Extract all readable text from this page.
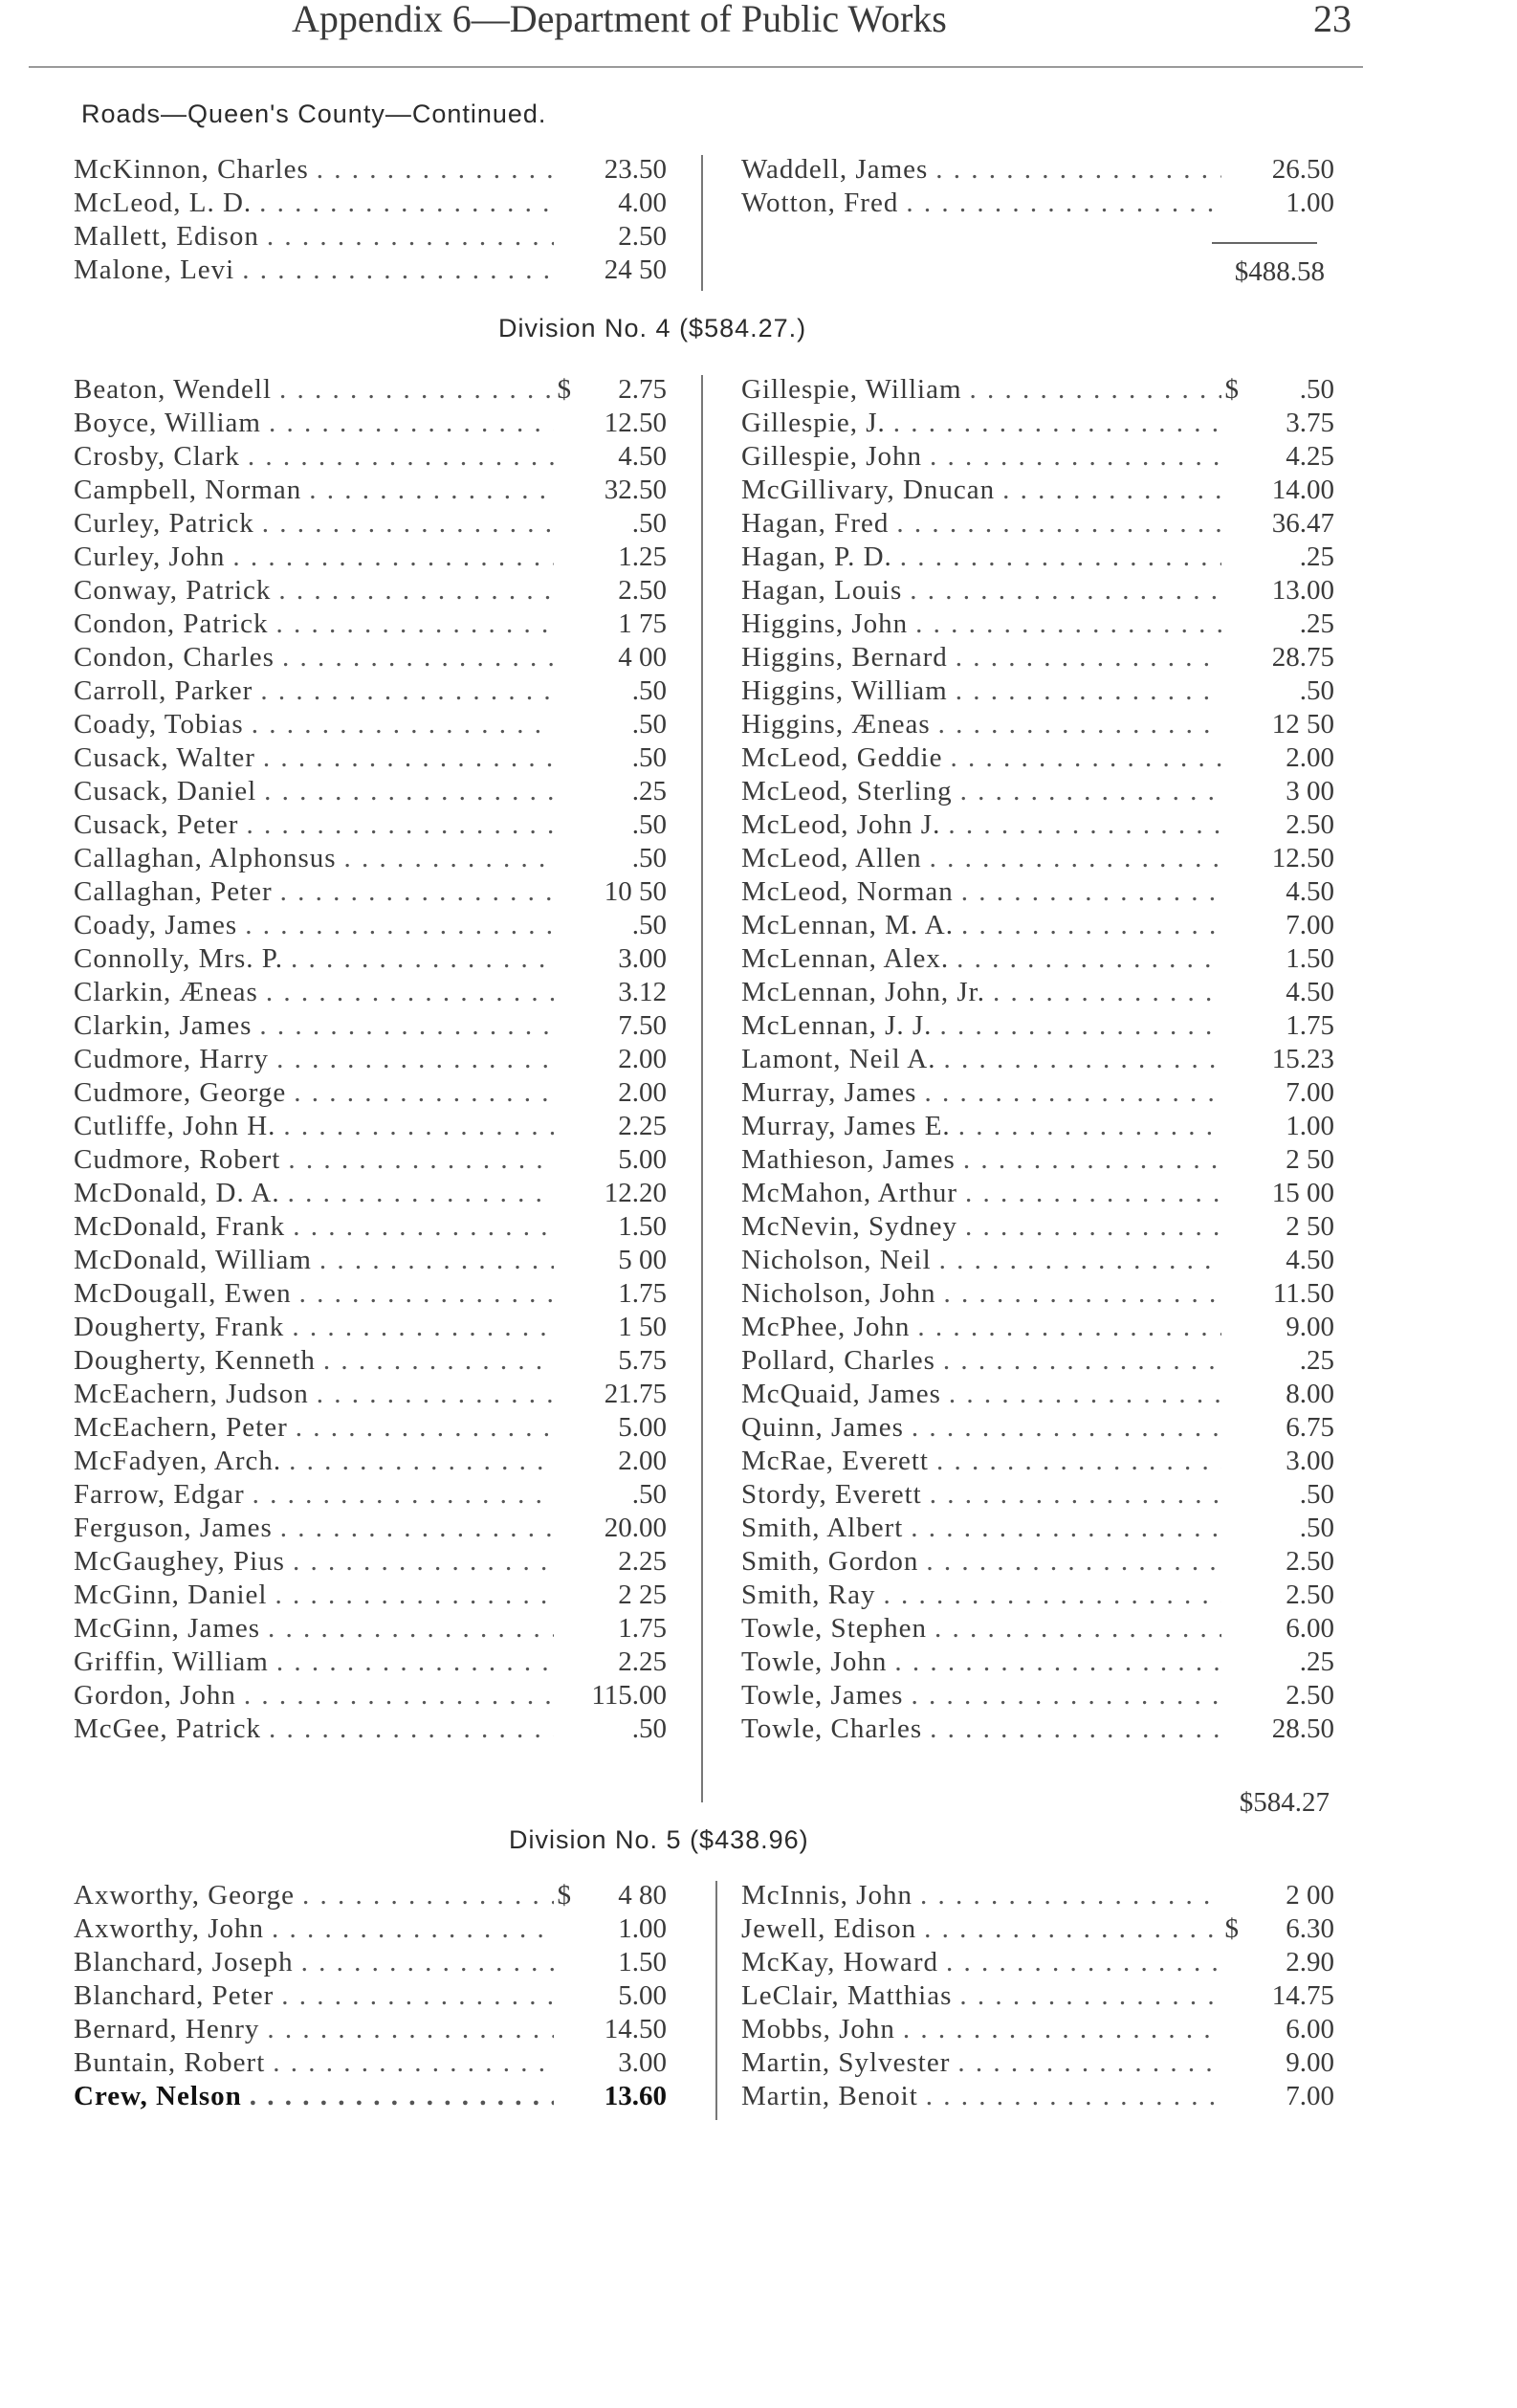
Appendix 6—Department of Public Works	23
Roads—Queen's County—Continued.
McKinnon, Charles . . .	23.50
McLeod, L. D. . . .	4.00
Mallett, Edison . . .	2.50
Malone, Levi . . .	24 50
Waddell, James . . .	26.50
Wotton, Fred . . .	1.00
$488.58
Division No. 4 ($584.27.)
Beaton, Wendell . . .	$	2.75
Boyce, William . . .	12.50
Crosby, Clark . . .	4.50
Campbell, Norman . . .	32.50
Curley, Patrick . . .	.50
Curley, John . . .	1.25
Conway, Patrick . . .	2.50
Condon, Patrick . . .	1 75
Condon, Charles . . .	4 00
Carroll, Parker . . .	.50
Coady, Tobias . . .	.50
Cusack, Walter . . .	.50
Cusack, Daniel . . .	.25
Cusack, Peter . . .	.50
Callaghan, Alphonsus . . .	.50
Callaghan, Peter . . .	10 50
Coady, James . . .	.50
Connolly, Mrs. P. . . .	3.00
Clarkin, Æneas . . .	3.12
Clarkin, James . . .	7.50
Cudmore, Harry . . .	2.00
Cudmore, George . . .	2.00
Cutliffe, John H. . . .	2.25
Cudmore, Robert . . .	5.00
McDonald, D. A. . . .	12.20
McDonald, Frank . . .	1.50
McDonald, William . . .	5 00
McDougall, Ewen . . .	1.75
Dougherty, Frank . . .	1 50
Dougherty, Kenneth . . .	5.75
McEachern, Judson . . .	21.75
McEachern, Peter . . .	5.00
McFadyen, Arch. . . .	2.00
Farrow, Edgar . . .	.50
Ferguson, James . . .	20.00
McGaughey, Pius . . .	2.25
McGinn, Daniel . . .	2 25
McGinn, James . . .	1.75
Griffin, William . . .	2.25
Gordon, John . . .	115.00
McGee, Patrick . . .	.50
Gillespie, William . . .	$	.50
Gillespie, J. . . .	3.75
Gillespie, John . . .	4.25
McGillivary, Dnucan . . .	14.00
Hagan, Fred . . .	36.47
Hagan, P. D. . . .	.25
Hagan, Louis . . .	13.00
Higgins, John . . .	.25
Higgins, Bernard . . .	28.75
Higgins, William . . .	.50
Higgins, Æneas . . .	12 50
McLeod, Geddie . . .	2.00
McLeod, Sterling . . .	3 00
McLeod, John J. . . .	2.50
McLeod, Allen . . .	12.50
McLeod, Norman . . .	4.50
McLennan, M. A. . . .	7.00
McLennan, Alex. . . .	1.50
McLennan, John, Jr. . . .	4.50
McLennan, J. J. . . .	1.75
Lamont, Neil A. . . .	15.23
Murray, James . . .	7.00
Murray, James E. . . .	1.00
Mathieson, James . . .	2 50
McMahon, Arthur . . .	15 00
McNevin, Sydney . . .	2 50
Nicholson, Neil . . .	4.50
Nicholson, John . . .	11.50
McPhee, John . . .	9.00
Pollard, Charles . . .	.25
McQuaid, James . . .	8.00
Quinn, James . . .	6.75
McRae, Everett . . .	3.00
Stordy, Everett . . .	.50
Smith, Albert . . .	.50
Smith, Gordon . . .	2.50
Smith, Ray . . .	2.50
Towle, Stephen . . .	6.00
Towle, John . . .	.25
Towle, James . . .	2.50
Towle, Charles . . .	28.50
$584.27
Division No. 5 ($438.96)
Axworthy, George . . .	$	4 80
Axworthy, John . . .	1.00
Blanchard, Joseph . . .	1.50
Blanchard, Peter . . .	5.00
Bernard, Henry . . .	14.50
Buntain, Robert . . .	3.00
Crew, Nelson . . .	13.60
McInnis, John . . .	2 00
Jewell, Edison . . .	$	6.30
McKay, Howard . . .	2.90
LeClair, Matthias . . .	14.75
Mobbs, John . . .	6.00
Martin, Sylvester . . .	9.00
Martin, Benoit . . .	7.00
